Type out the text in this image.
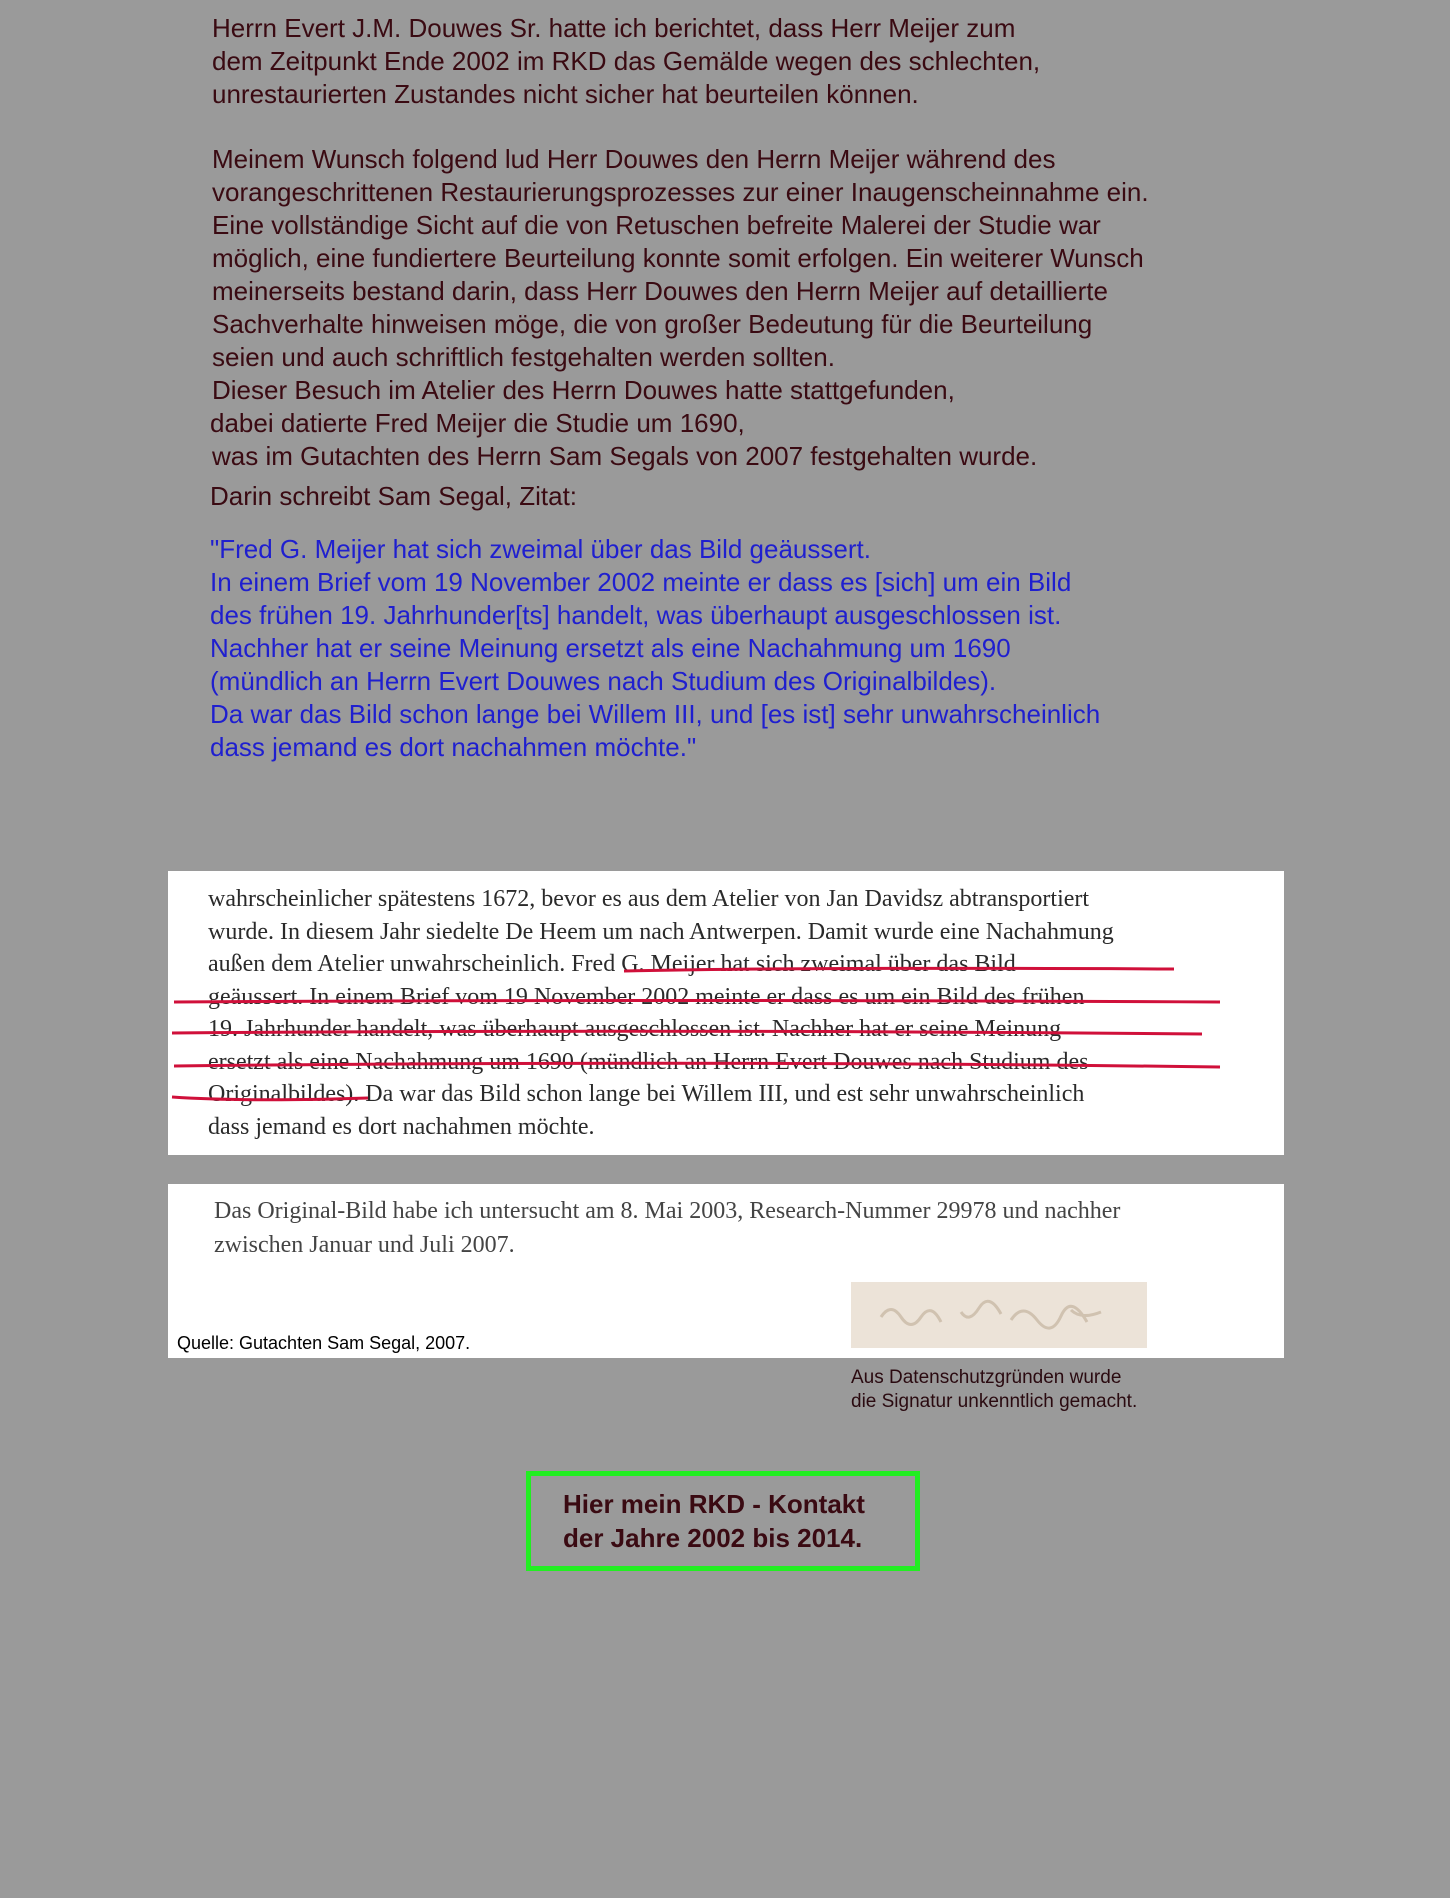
Herrn Evert J.M. Douwes Sr. hatte ich berichtet, dass Herr Meijer zum
dem Zeitpunkt Ende 2002 im RKD das Gemälde wegen des schlechten,
unrestaurierten Zustandes nicht sicher hat beurteilen können.

Meinem Wunsch folgend lud Herr Douwes den Herrn Meijer während des
vorangeschrittenen Restaurierungsprozesses zur einer Inaugenscheinnahme ein.
Eine vollständige Sicht auf die von Retuschen befreite Malerei der Studie war
möglich, eine fundiertere Beurteilung konnte somit erfolgen. Ein weiterer Wunsch
meinerseits bestand darin, dass Herr Douwes den Herrn Meijer auf detaillierte
Sachverhalte hinweisen möge, die von großer Bedeutung für die Beurteilung
seien und auch schriftlich festgehalten werden sollten.
Dieser Besuch im Atelier des Herrn Douwes hatte stattgefunden,
dabei datierte Fred Meijer die Studie um 1690,
was im Gutachten des Herrn Sam Segals von 2007 festgehalten wurde.

Darin schreibt Sam Segal, Zitat:

"Fred G. Meijer hat sich zweimal über das Bild geäussert.
In einem Brief vom 19 November 2002 meinte er dass es [sich] um ein Bild
des frühen 19. Jahrhunder[ts] handelt, was überhaupt ausgeschlossen ist.
Nachher hat er seine Meinung ersetzt als eine Nachahmung um 1690
(mündlich an Herrn Evert Douwes nach Studium des Originalbildes).
Da war das Bild schon lange bei Willem III, und [es ist] sehr unwahrscheinlich
dass jemand es dort nachahmen möchte."

wahrscheinlicher spätestens 1672, bevor es aus dem Atelier von Jan Davidsz abtransportiert
wurde. In diesem Jahr siedelte De Heem um nach Antwerpen. Damit wurde eine Nachahmung
außen dem Atelier unwahrscheinlich. Fred G. Meijer hat sich zweimal über das Bild
geäussert. In einem Brief vom 19 November 2002 meinte er dass es um ein Bild des frühen
19. Jahrhunder handelt, was überhaupt ausgeschlossen ist. Nachher hat er seine Meinung
ersetzt als eine Nachahmung um 1690 (mündlich an Herrn Evert Douwes nach Studium des
Originalbildes). Da war das Bild schon lange bei Willem III, und est sehr unwahrscheinlich
dass jemand es dort nachahmen möchte.
Das Original-Bild habe ich untersucht am 8. Mai 2003, Research-Nummer 29978 und nachher
zwischen Januar und Juli 2007.
Quelle: Gutachten Sam Segal, 2007.
Aus Datenschutzgründen wurde
die Signatur unkenntlich gemacht.
Hier mein RKD - Kontakt
der Jahre 2002 bis 2014.
